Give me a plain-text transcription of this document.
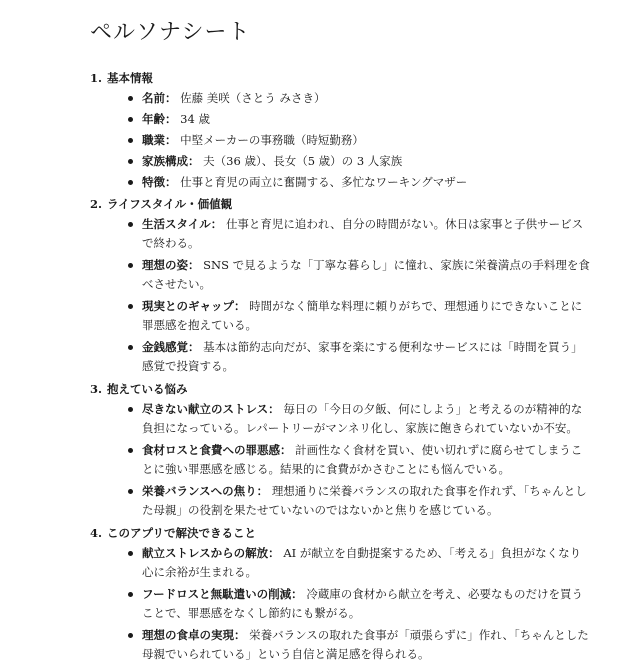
ペルソナシート
1. 基本情報
名前： 佐藤 美咲（さとう みさき）
年齢： 34 歳
職業： 中堅メーカーの事務職（時短勤務）
家族構成： 夫（36 歳）、長女（5 歳）の 3 人家族
特徴： 仕事と育児の両立に奮闘する、多忙なワーキングマザー
2. ライフスタイル・価値観
生活スタイル： 仕事と育児に追われ、自分の時間がない。休日は家事と子供サービスで終わる。
理想の姿： SNS で見るような「丁寧な暮らし」に憧れ、家族に栄養満点の手料理を食べさせたい。
現実とのギャップ： 時間がなく簡単な料理に頼りがちで、理想通りにできないことに罪悪感を抱えている。
金銭感覚： 基本は節約志向だが、家事を楽にする便利なサービスには「時間を買う」感覚で投資する。
3. 抱えている悩み
尽きない献立のストレス： 毎日の「今日の夕飯、何にしよう」と考えるのが精神的な負担になっている。レパートリーがマンネリ化し、家族に飽きられていないか不安。
食材ロスと食費への罪悪感： 計画性なく食材を買い、使い切れずに腐らせてしまうことに強い罪悪感を感じる。結果的に食費がかさむことにも悩んでいる。
栄養バランスへの焦り： 理想通りに栄養バランスの取れた食事を作れず、「ちゃんとした母親」の役割を果たせていないのではないかと焦りを感じている。
4. このアプリで解決できること
献立ストレスからの解放： AI が献立を自動提案するため、「考える」負担がなくなり心に余裕が生まれる。
フードロスと無駄遣いの削減： 冷蔵庫の食材から献立を考え、必要なものだけを買うことで、罪悪感をなくし節約にも繋がる。
理想の食卓の実現： 栄養バランスの取れた食事が「頑張らずに」作れ、「ちゃんとした母親でいられている」という自信と満足感を得られる。
